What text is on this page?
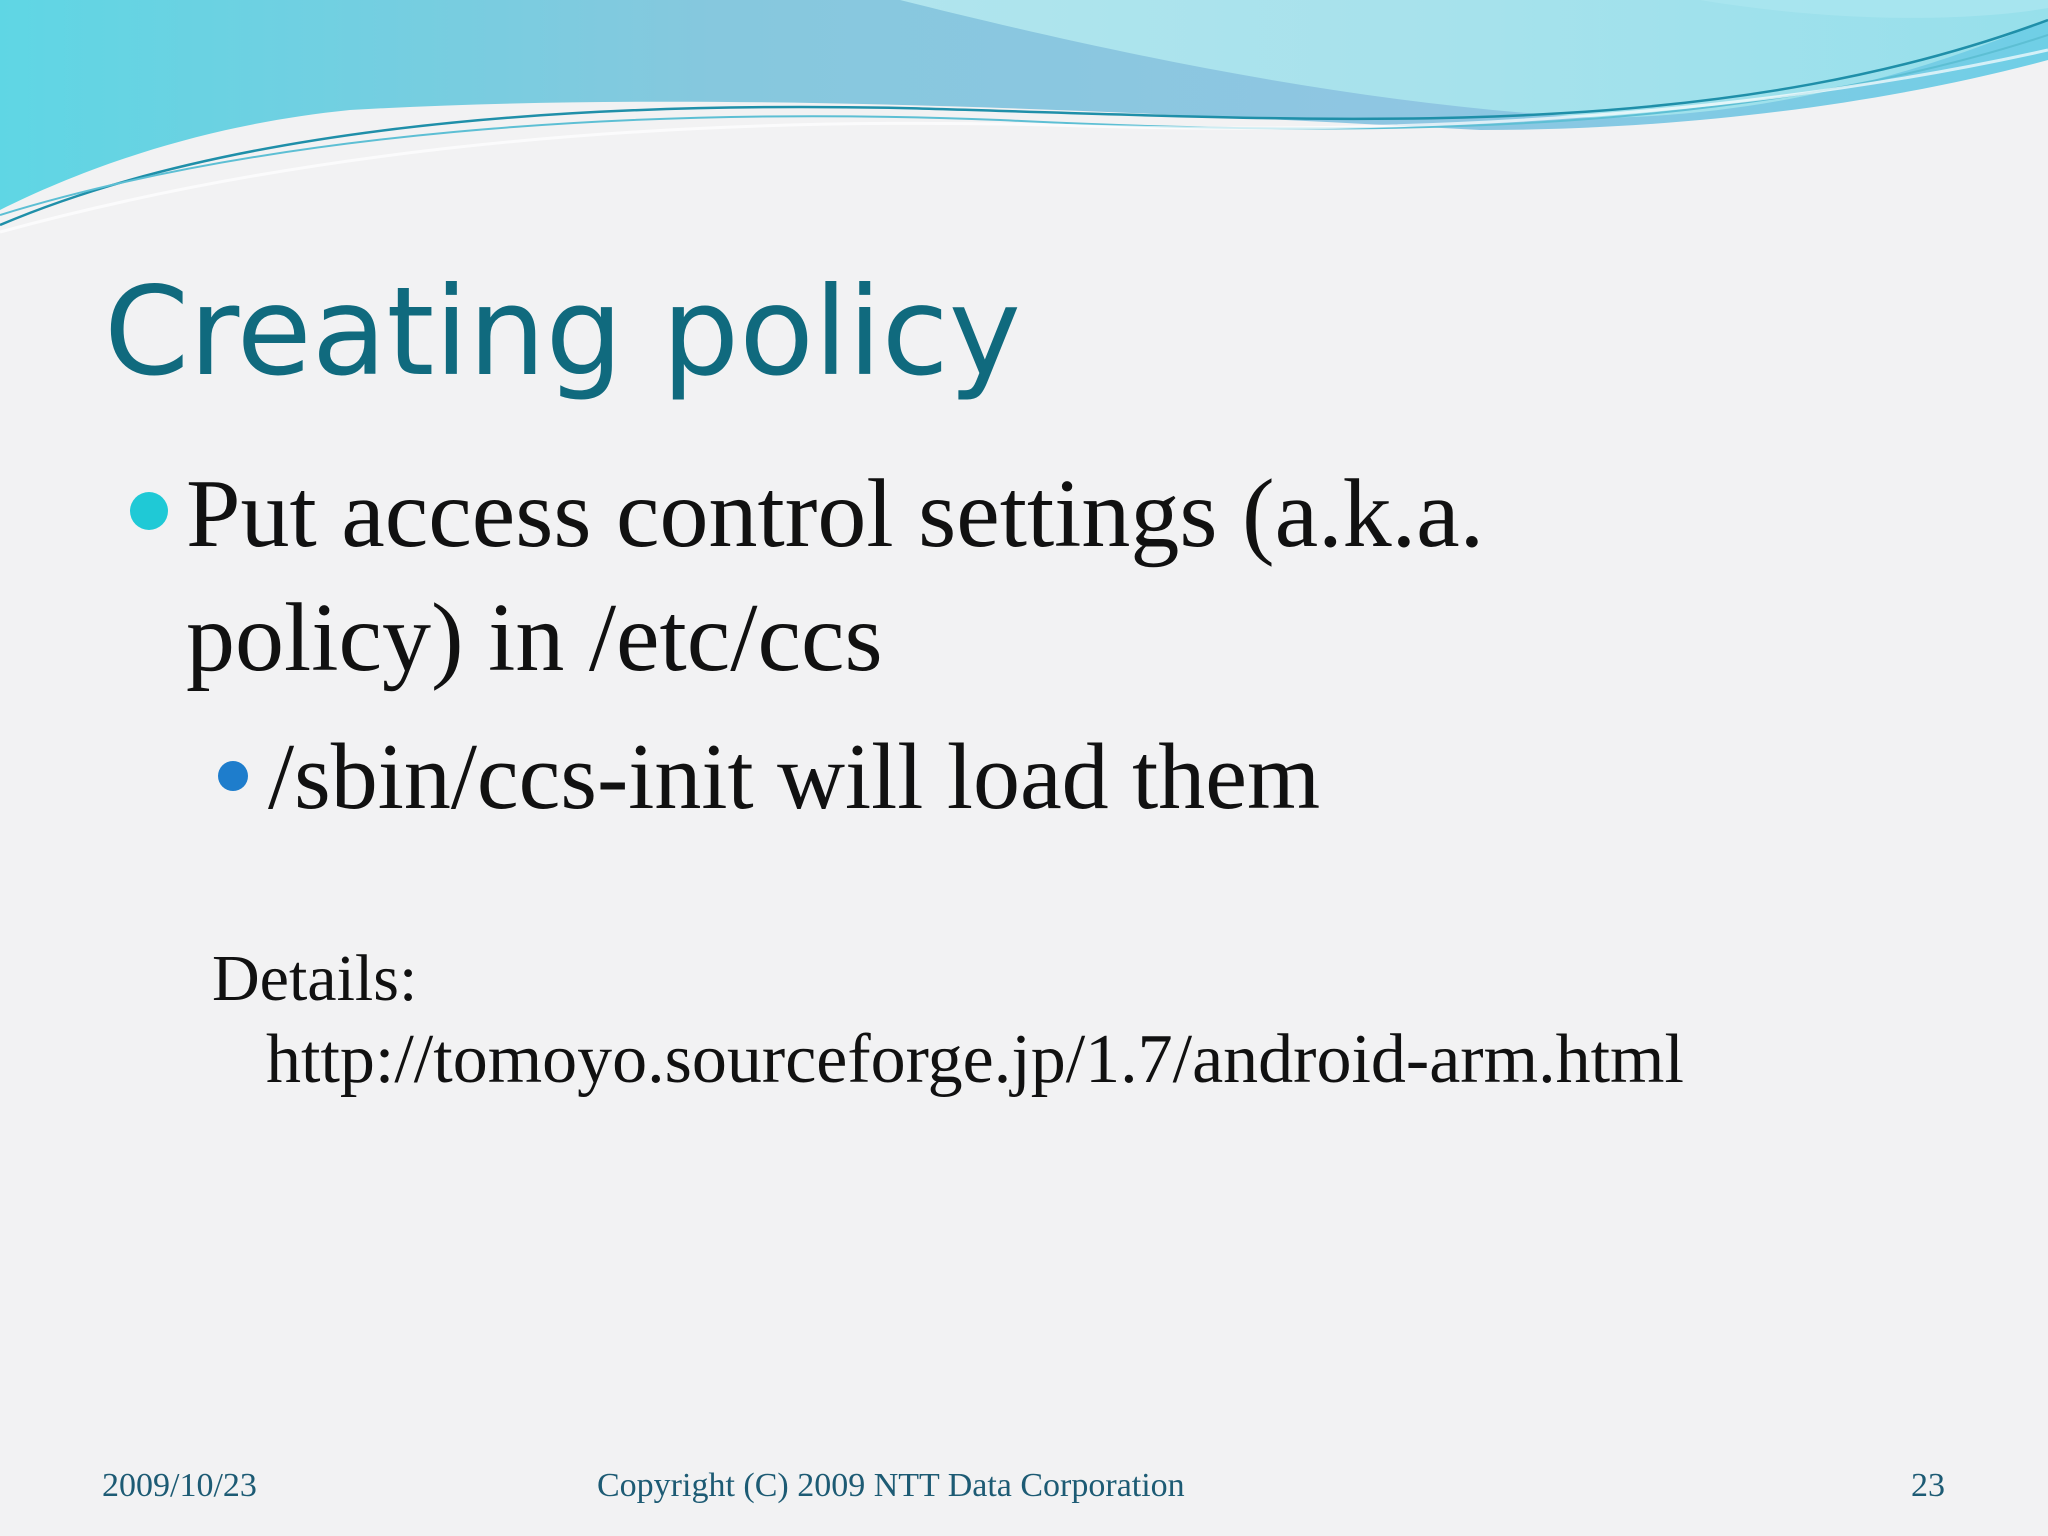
Creating policy
Put access control settings (a.k.a. policy) in /etc/ccs
/sbin/ccs-init will load them
Details:
http://tomoyo.sourceforge.jp/1.7/android-arm.html
2009/10/23	Copyright (C) 2009 NTT Data Corporation	23
